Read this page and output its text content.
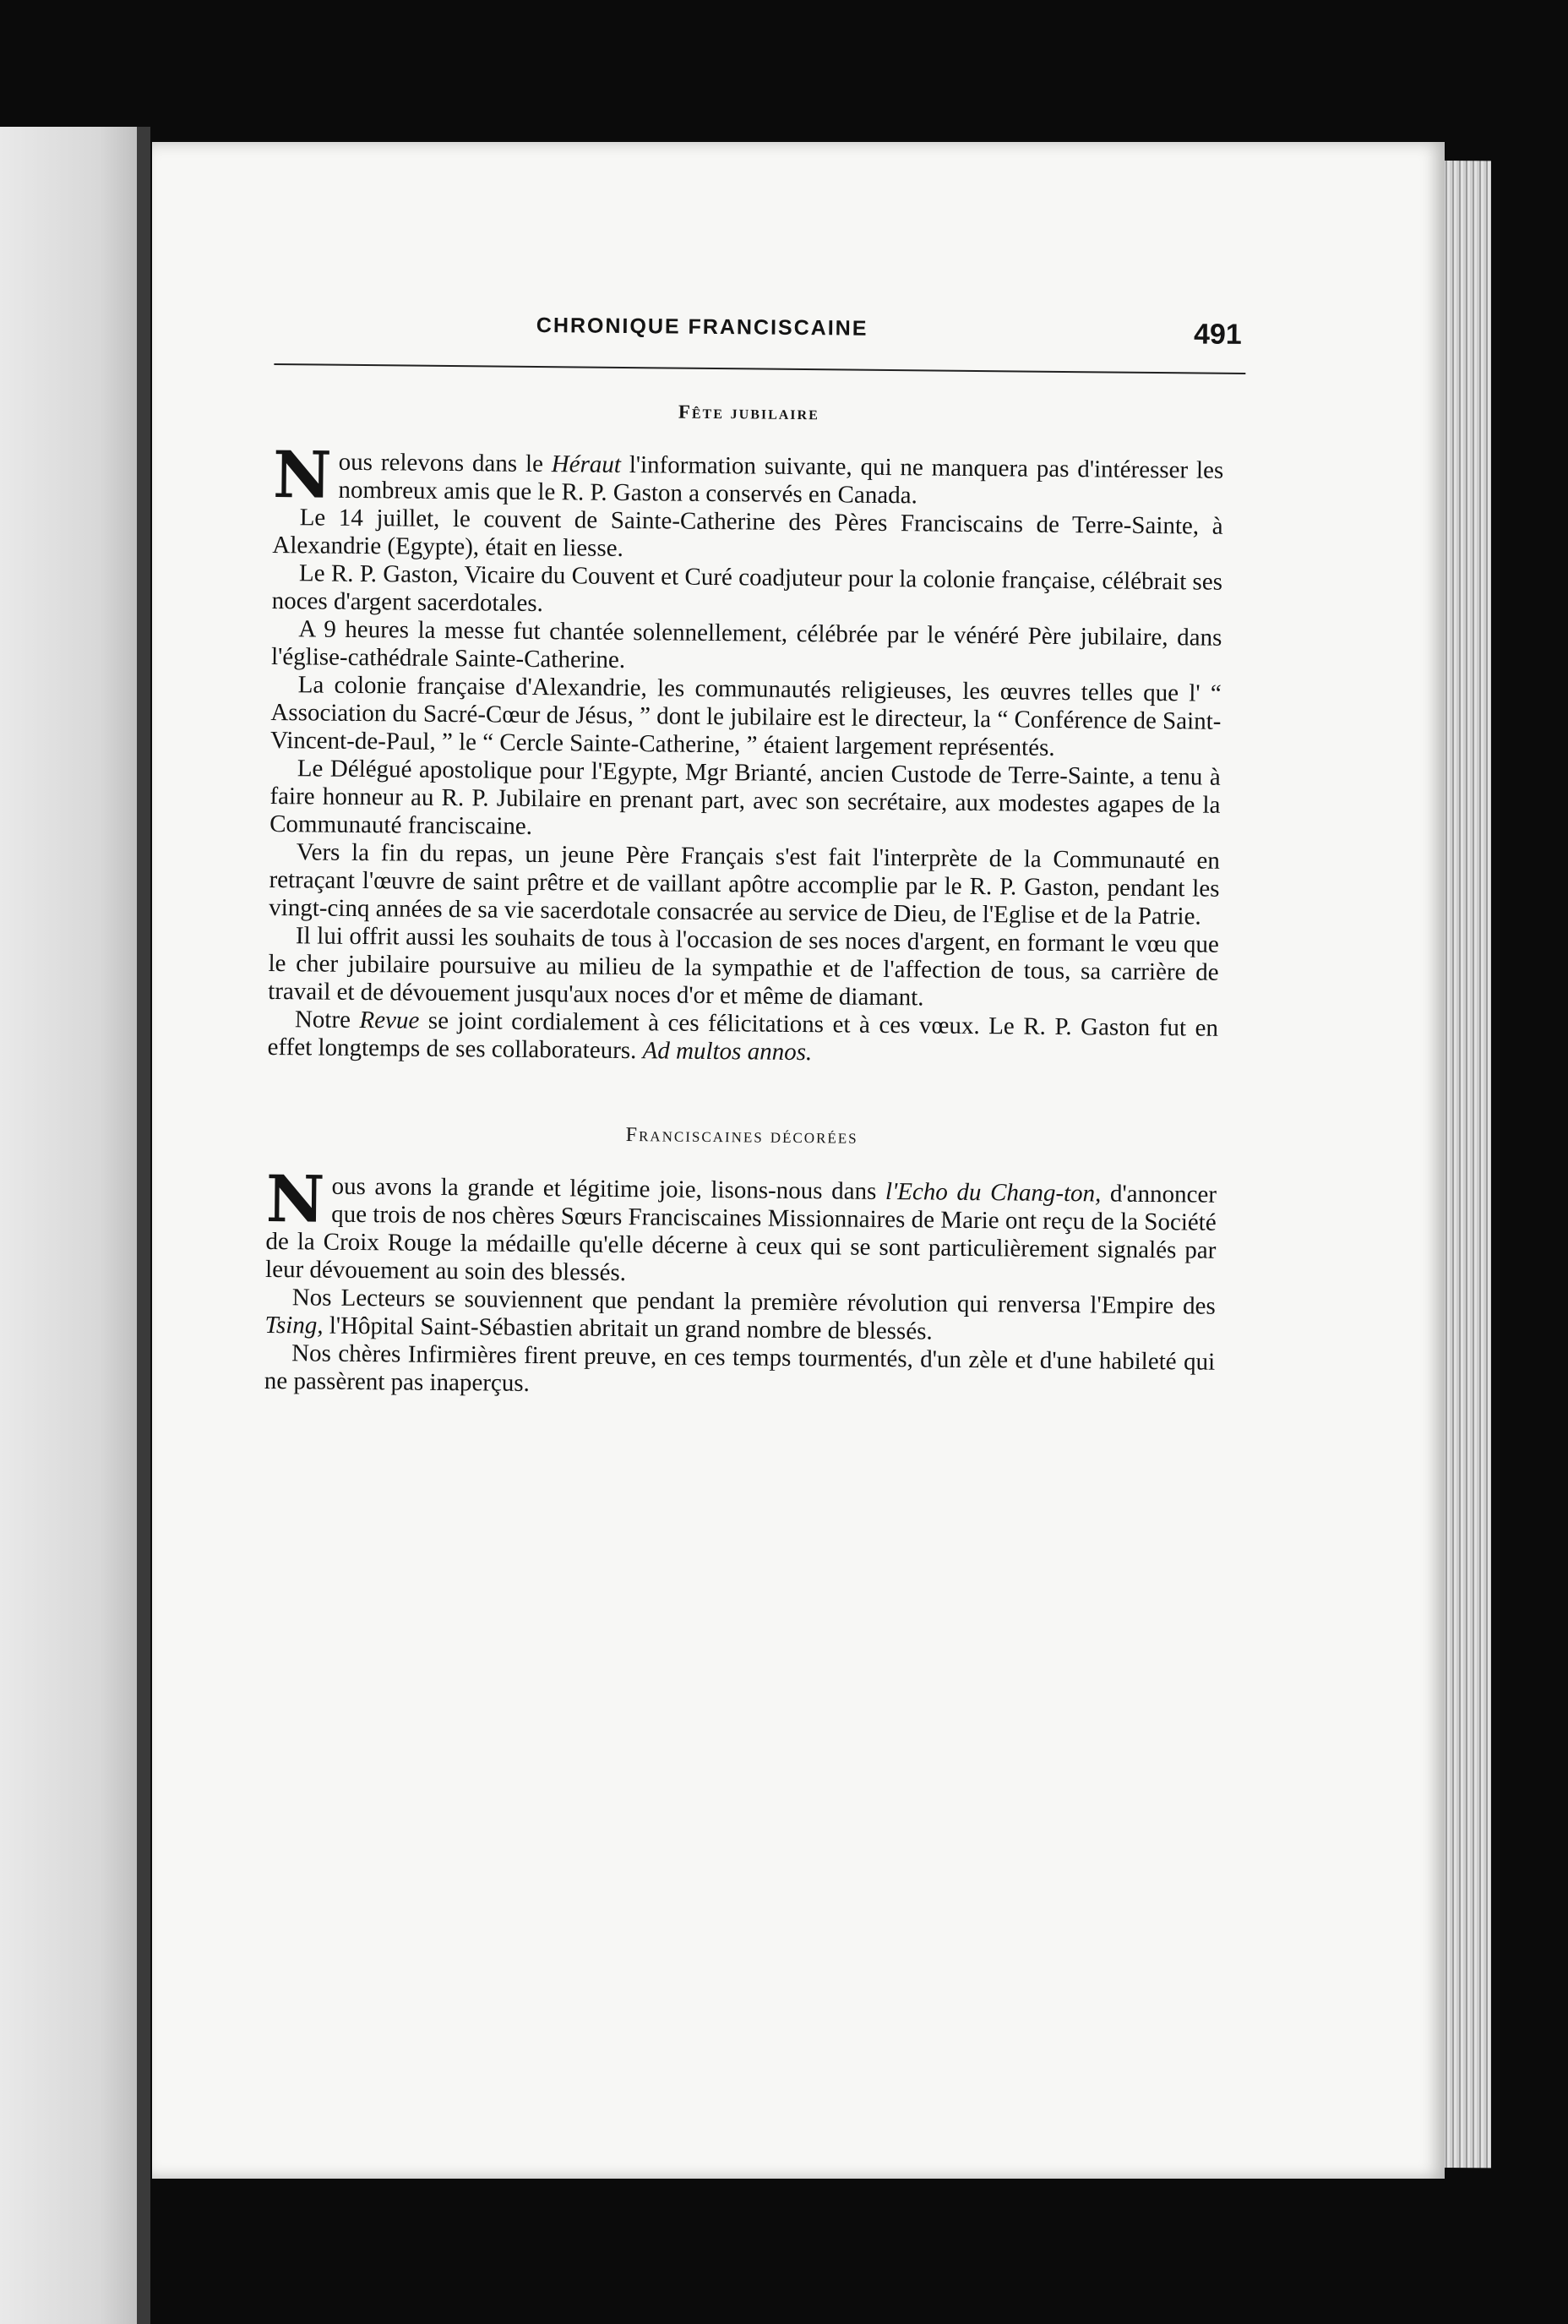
CHRONIQUE FRANCISCAINE	491
Fête jubilaire

Nous relevons dans le Héraut l'information suivante, qui ne manquera pas d'intéresser les nombreux amis que le R. P. Gaston a conservés en Canada.

Le 14 juillet, le couvent de Sainte-Catherine des Pères Franciscains de Terre-Sainte, à Alexandrie (Egypte), était en liesse.

Le R. P. Gaston, Vicaire du Couvent et Curé coadjuteur pour la colonie française, célébrait ses noces d'argent sacerdotales.

A 9 heures la messe fut chantée solennellement, célébrée par le vénéré Père jubilaire, dans l'église-cathédrale Sainte-Catherine.

La colonie française d'Alexandrie, les communautés religieuses, les œuvres telles que l' “ Association du Sacré-Cœur de Jésus, ” dont le jubilaire est le directeur, la “ Conférence de Saint-Vincent-de-Paul, ” le “ Cercle Sainte-Catherine, ” étaient largement représentés.

Le Délégué apostolique pour l'Egypte, Mgr Brianté, ancien Custode de Terre-Sainte, a tenu à faire honneur au R. P. Jubilaire en prenant part, avec son secrétaire, aux modestes agapes de la Communauté franciscaine.

Vers la fin du repas, un jeune Père Français s'est fait l'interprète de la Communauté en retraçant l'œuvre de saint prêtre et de vaillant apôtre accomplie par le R. P. Gaston, pendant les vingt-cinq années de sa vie sacerdotale consacrée au service de Dieu, de l'Eglise et de la Patrie.

Il lui offrit aussi les souhaits de tous à l'occasion de ses noces d'argent, en formant le vœu que le cher jubilaire poursuive au milieu de la sympathie et de l'affection de tous, sa carrière de travail et de dévouement jusqu'aux noces d'or et même de diamant.

Notre Revue se joint cordialement à ces félicitations et à ces vœux. Le R. P. Gaston fut en effet longtemps de ses collaborateurs. Ad multos annos.

Franciscaines décorées

Nous avons la grande et légitime joie, lisons-nous dans l'Echo du Chang-ton, d'annoncer que trois de nos chères Sœurs Franciscaines Missionnaires de Marie ont reçu de la Société de la Croix Rouge la médaille qu'elle décerne à ceux qui se sont particulièrement signalés par leur dévouement au soin des blessés.

Nos Lecteurs se souviennent que pendant la première révolution qui renversa l'Empire des Tsing, l'Hôpital Saint-Sébastien abritait un grand nombre de blessés.

Nos chères Infirmières firent preuve, en ces temps tourmentés, d'un zèle et d'une habileté qui ne passèrent pas inaperçus.
